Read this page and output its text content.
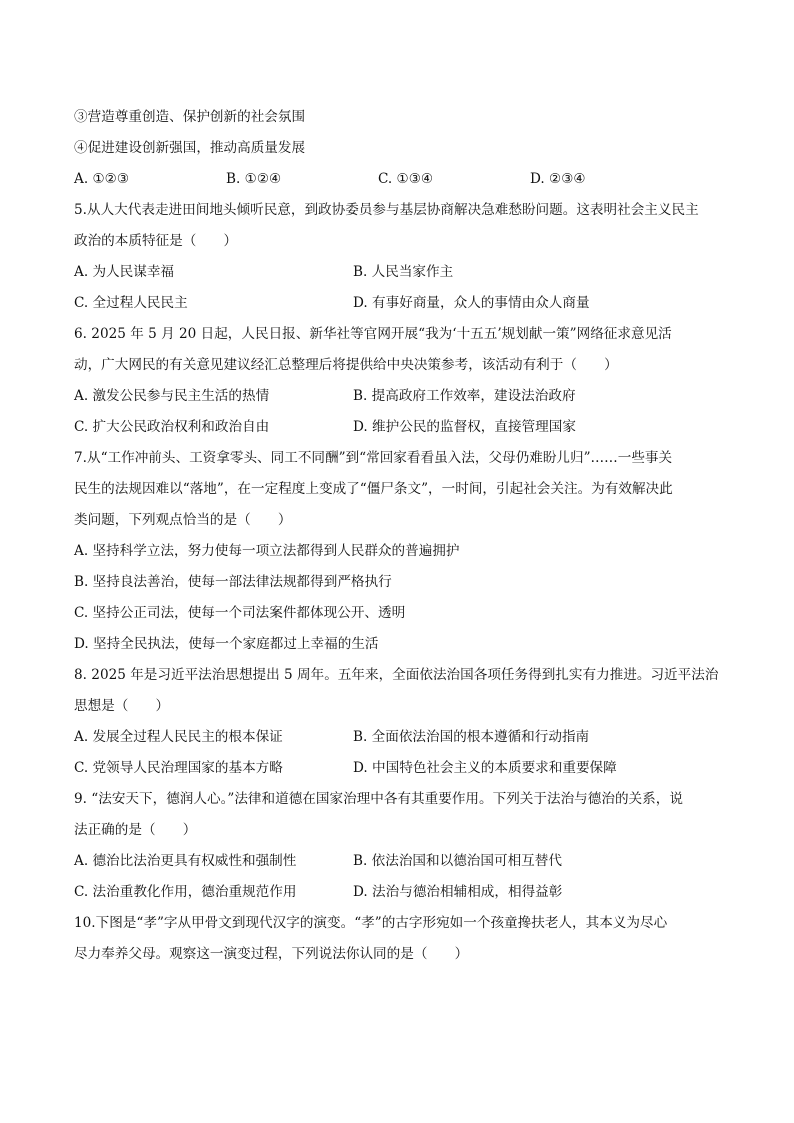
③营造尊重创造、保护创新的社会氛围
④促进建设创新强国，推动高质量发展
A. ①②③	B. ①②④	C. ①③④	D. ②③④
5.从人大代表走进田间地头倾听民意，到政协委员参与基层协商解决急难愁盼问题。这表明社会主义民主
政治的本质特征是（　　）
A. 为人民谋幸福	B. 人民当家作主
C. 全过程人民民主	D. 有事好商量，众人的事情由众人商量
6. 2025 年 5 月 20 日起，人民日报、新华社等官网开展“我为‘十五五’规划献一策”网络征求意见活
动，广大网民的有关意见建议经汇总整理后将提供给中央决策参考，该活动有利于（　　）
A. 激发公民参与民主生活的热情	B. 提高政府工作效率，建设法治政府
C. 扩大公民政治权利和政治自由	D. 维护公民的监督权，直接管理国家
7.从“工作冲前头、工资拿零头、同工不同酬”到“常回家看看虽入法，父母仍难盼儿归”……一些事关
民生的法规因难以“落地”，在一定程度上变成了“僵尸条文”，一时间，引起社会关注。为有效解决此
类问题，下列观点恰当的是（　　）
A. 坚持科学立法，努力使每一项立法都得到人民群众的普遍拥护
B. 坚持良法善治，使每一部法律法规都得到严格执行
C. 坚持公正司法，使每一个司法案件都体现公开、透明
D. 坚持全民执法，使每一个家庭都过上幸福的生活
8. 2025 年是习近平法治思想提出 5 周年。五年来，全面依法治国各项任务得到扎实有力推进。习近平法治
思想是（　　）
A. 发展全过程人民民主的根本保证	B. 全面依法治国的根本遵循和行动指南
C. 党领导人民治理国家的基本方略	D. 中国特色社会主义的本质要求和重要保障
9. “法安天下，德润人心。”法律和道德在国家治理中各有其重要作用。下列关于法治与德治的关系，说
法正确的是（　　）
A. 德治比法治更具有权威性和强制性	B. 依法治国和以德治国可相互替代
C. 法治重教化作用，德治重规范作用	D. 法治与德治相辅相成，相得益彰
10.下图是“孝”字从甲骨文到现代汉字的演变。“孝”的古字形宛如一个孩童搀扶老人，其本义为尽心
尽力奉养父母。观察这一演变过程，下列说法你认同的是（　　）
